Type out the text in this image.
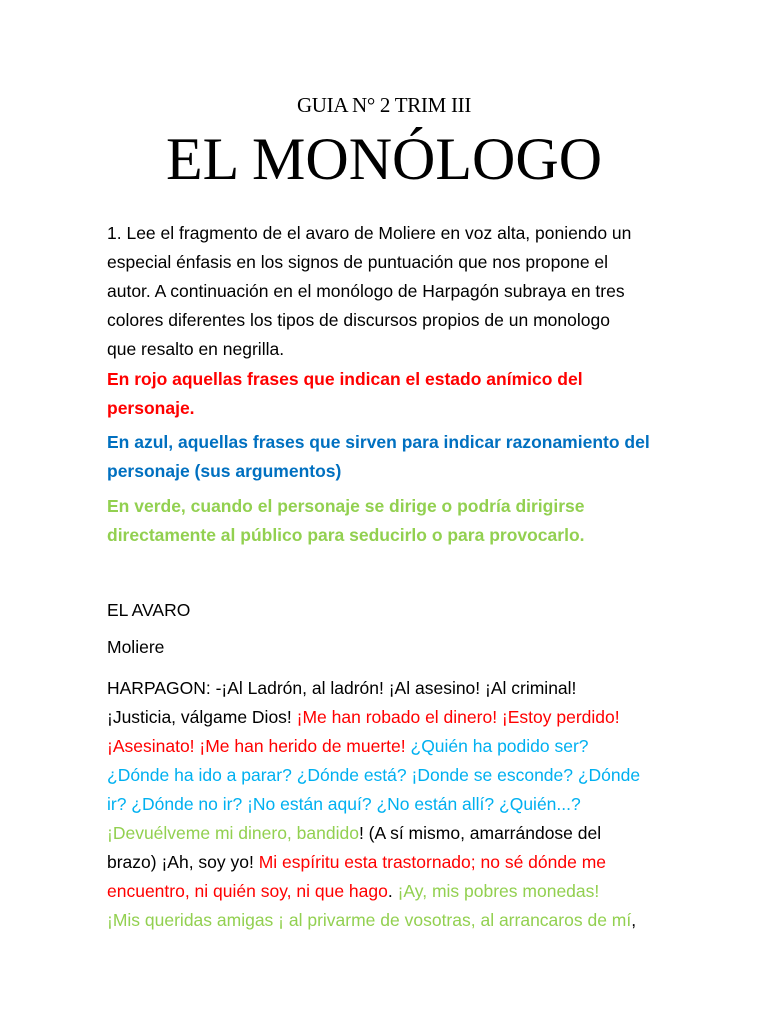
GUIA N° 2 TRIM III
EL MONÓLOGO
1. Lee el fragmento de el avaro de Moliere en voz alta, poniendo un
especial énfasis en los signos de puntuación que nos propone el
autor. A continuación en el monólogo de Harpagón subraya en tres
colores diferentes los tipos de discursos propios de un monologo
que resalto en negrilla.
En rojo aquellas frases que indican el estado anímico del
personaje.
En azul, aquellas frases que sirven para indicar razonamiento del
personaje (sus argumentos)
En verde, cuando el personaje se dirige o podría dirigirse
directamente al público para seducirlo o para provocarlo.
EL AVARO
Moliere
HARPAGON: -¡Al Ladrón, al ladrón! ¡Al asesino! ¡Al criminal!
¡Justicia, válgame Dios! ¡Me han robado el dinero! ¡Estoy perdido!
¡Asesinato! ¡Me han herido de muerte! ¿Quién ha podido ser?
¿Dónde ha ido a parar? ¿Dónde está? ¡Donde se esconde? ¿Dónde
ir? ¿Dónde no ir? ¡No están aquí? ¿No están allí? ¿Quién...?
¡Devuélveme mi dinero, bandido! (A sí mismo, amarrándose del
brazo) ¡Ah, soy yo! Mi espíritu esta trastornado; no sé dónde me
encuentro, ni quién soy, ni que hago. ¡Ay, mis pobres monedas!
¡Mis queridas amigas ¡ al privarme de vosotras, al arrancaros de mí,
